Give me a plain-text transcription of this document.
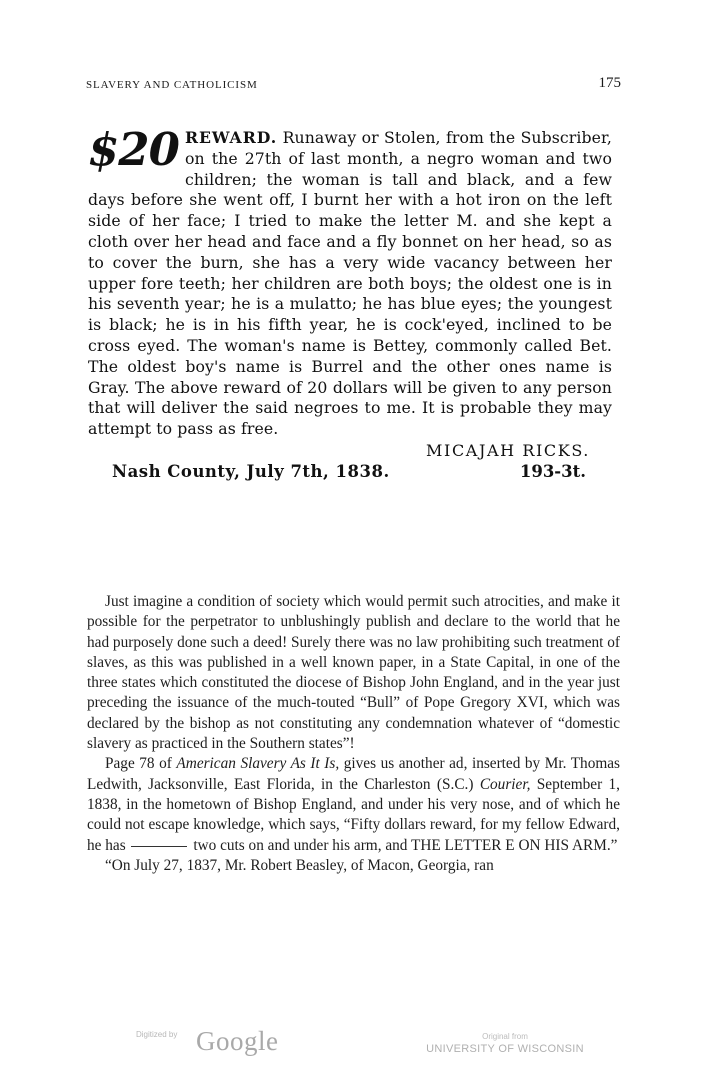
SLAVERY AND CATHOLICISM	175
$20 REWARD. Runaway or Stolen, from the Subscriber, on the 27th of last month, a negro woman and two children; the woman is tall and black, and a few days before she went off, I burnt her with a hot iron on the left side of her face; I tried to make the letter M. and she kept a cloth over her head and face and a fly bonnet on her head, so as to cover the burn, she has a very wide vacancy between her upper fore teeth; her children are both boys; the oldest one is in his seventh year; he is a mulatto; he has blue eyes; the youngest is black; he is in his fifth year, he is cock'eyed, inclined to be cross eyed. The woman's name is Bettey, commonly called Bet. The oldest boy's name is Burrel and the other ones name is Gray. The above reward of 20 dollars will be given to any person that will deliver the said negroes to me. It is probable they may attempt to pass as free.
MICAJAH RICKS.
Nash County, July 7th, 1838.	193-3t.

Just imagine a condition of society which would permit such atrocities, and make it possible for the perpetrator to unblushingly publish and declare to the world that he had purposely done such a deed! Surely there was no law prohibiting such treatment of slaves, as this was published in a well known paper, in a State Capital, in one of the three states which constituted the diocese of Bishop John England, and in the year just preceding the issuance of the much-touted “Bull” of Pope Gregory XVI, which was declared by the bishop as not constituting any condemnation whatever of “domestic slavery as practiced in the Southern states”!

Page 78 of American Slavery As It Is, gives us another ad, inserted by Mr. Thomas Ledwith, Jacksonville, East Florida, in the Charleston (S.C.) Courier, September 1, 1838, in the hometown of Bishop England, and under his very nose, and of which he could not escape knowledge, which says, “Fifty dollars reward, for my fellow Edward, he has	two cuts on and under his arm, and THE LETTER E ON HIS ARM.”

“On July 27, 1837, Mr. Robert Beasley, of Macon, Georgia, ran

Digitized by Google	Original from
UNIVERSITY OF WISCONSIN
